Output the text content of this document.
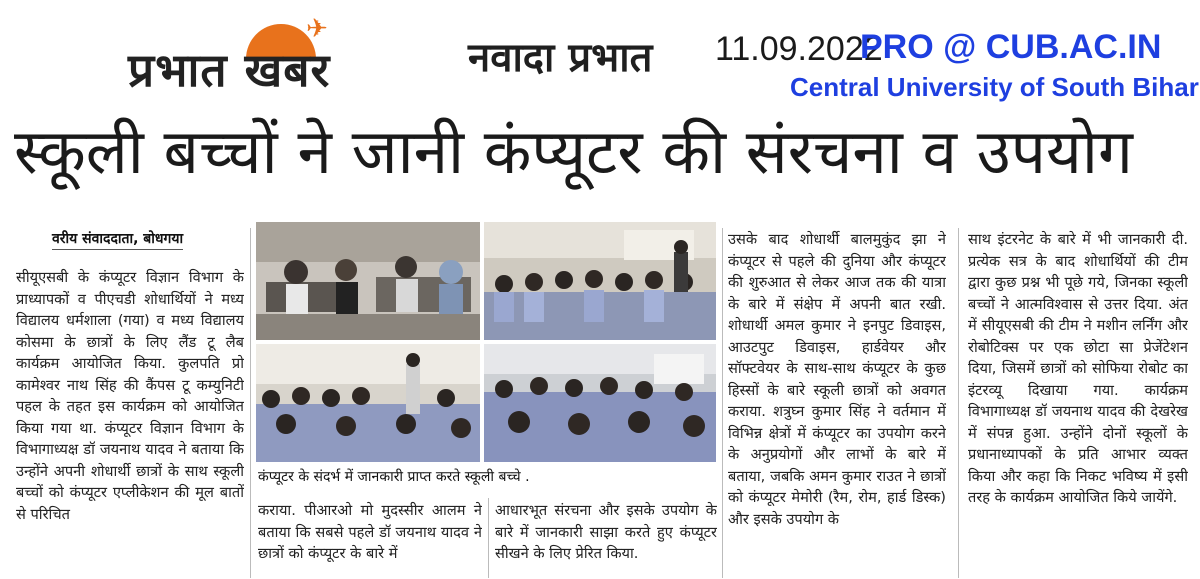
✈
प्रभात खबर	नवादा प्रभात 11.09.2022
PRO @ CUB.AC.IN
Central University of South Bihar
स्कूली बच्चों ने जानी कंप्यूटर की संरचना व उपयोग
वरीय संवाददाता, बोधगया
सीयूएसबी के कंप्यूटर विज्ञान विभाग के प्राध्यापकों व पीएचडी शोधार्थियों ने मध्य विद्यालय धर्मशाला (गया) व मध्य विद्यालय कोसमा के छात्रों के लिए लैंड टू लैब कार्यक्रम आयोजित किया. कुलपति प्रो कामेश्वर नाथ सिंह की कैंपस टू कम्युनिटी पहल के तहत इस कार्यक्रम को आयोजित किया गया था. कंप्यूटर विज्ञान विभाग के विभागाध्यक्ष डॉ जयनाथ यादव ने बताया कि उन्होंने अपनी शोधार्थी छात्रों के साथ स्कूली बच्चों को कंप्यूटर एप्लीकेशन की मूल बातों से परिचित
कंप्यूटर के संदर्भ में जानकारी प्राप्त करते स्कूली बच्चे .
कराया. पीआरओ मो मुदस्सीर आलम ने बताया कि सबसे पहले डॉ जयनाथ यादव ने छात्रों को कंप्यूटर के बारे में
आधारभूत संरचना और इसके उपयोग के बारे में जानकारी साझा करते हुए कंप्यूटर सीखने के लिए प्रेरित किया.
उसके बाद शोधार्थी बालमुकुंद झा ने कंप्यूटर से पहले की दुनिया और कंप्यूटर की शुरुआत से लेकर आज तक की यात्रा के बारे में संक्षेप में अपनी बात रखी. शोधार्थी अमल कुमार ने इनपुट डिवाइस, आउटपुट डिवाइस, हार्डवेयर और सॉफ्टवेयर के साथ-साथ कंप्यूटर के कुछ हिस्सों के बारे स्कूली छात्रों को अवगत कराया. शत्रुघ्न कुमार सिंह ने वर्तमान में विभिन्न क्षेत्रों में कंप्यूटर का उपयोग करने के अनुप्रयोगों और लाभों के बारे में बताया, जबकि अमन कुमार राउत ने छात्रों को कंप्यूटर मेमोरी (रैम, रोम, हार्ड डिस्क) और इसके उपयोग के
साथ इंटरनेट के बारे में भी जानकारी दी. प्रत्येक सत्र के बाद शोधार्थियों की टीम द्वारा कुछ प्रश्न भी पूछे गये, जिनका स्कूली बच्चों ने आत्मविश्वास से उत्तर दिया. अंत में सीयूएसबी की टीम ने मशीन लर्निंग और रोबोटिक्स पर एक छोटा सा प्रेजेंटेशन दिया, जिसमें छात्रों को सोफिया रोबोट का इंटरव्यू दिखाया गया. कार्यक्रम विभागाध्यक्ष डॉ जयनाथ यादव की देखरेख में संपन्न हुआ. उन्होंने दोनों स्कूलों के प्रधानाध्यापकों के प्रति आभार व्यक्त किया और कहा कि निकट भविष्य में इसी तरह के कार्यक्रम आयोजित किये जायेंगे.
